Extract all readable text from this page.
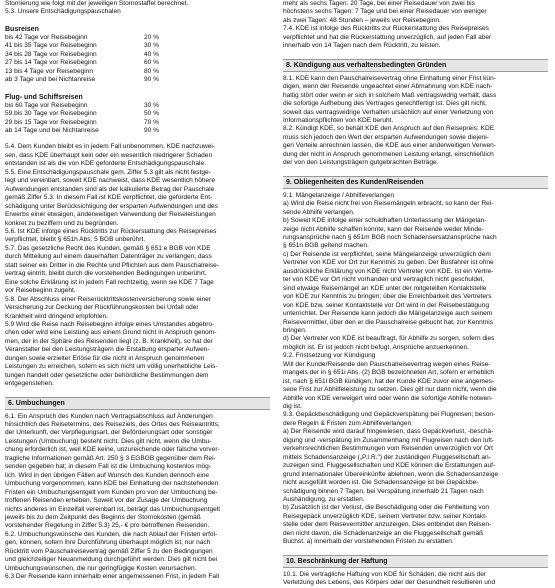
Stornierung wie folgt mit der jeweiligen Stornostaffel berechnet.
5.3. Unsere Entschädigungspauschalen

Busreisen

bis 42 Tage vor Reisebeginn	20 %
41 bis 35 Tage vor Reisebeginn	30 %
34 bis 28 Tage vor Reisebeginn	40 %
27 bis 14 Tage vor Reisebeginn	60 %
13 bis 4 Tage vor Reisebeginn	80 %
ab 3 Tage und bei Nichtanreise	90 %

Flug- und Schiffsreisen

bis 60 Tage vor Reisebeginn	30 %
59 bis 30 Tage vor Reisebeginn	50 %
29 bis 15 Tage vor Reisebeginn	70 %
ab 14 Tage und bei Nichtanreise	90 %

5.4. Dem Kunden bleibt es in jedem Fall unbenommen, KDE nachzuwei-
sen, dass KDE überhaupt kein oder ein wesentlich niedrigerer Schaden
entstanden ist als die von KDE geforderte Entschädigungspauschale.
5.5. Eine Entschädigungspauschale gem. Ziffer 5.3 gilt als nicht festge-
legt und vereinbart, soweit KDE nachweist, dass KDE wesentlich höhere
Aufwendungen entstanden sind als der kalkulierte Betrag der Pauschale
gemäß Ziffer 5.3. In diesem Fall ist KDE verpflichtet, die geforderte Ent-
schädigung unter Berücksichtigung der ersparten Aufwendungen und des
Erwerbs einer etwaigen, anderweitigen Verwendung der Reiseleistungen
konkret zu beziffern und zu begründen.
5.6. Ist KDE infolge eines Rücktritts zur Rückerstattung des Reisepreises
verpflichtet, bleibt § 651h Abs. 5 BGB unberührt.
5.7. Das gesetzliche Recht des Kunden, gemäß § 651 e BGB von KDE
durch Mitteilung auf einem dauerhaften Datenträger zu verlangen, dass
statt seiner ein Dritter in die Rechte und Pflichten aus dem Pauschalreise-
vertrag eintritt, bleibt durch die vorstehenden Bedingungen unberührt.
Eine solche Erklärung ist in jedem Fall rechtzeitig, wenn sie KDE 7 Tage
vor Reisebeginn zugeht.
5.8. Der Abschluss einer Reiserücktrittskostenversicherung sowie einer
Versicherung zur Deckung der Rückführungskosten bei Unfall oder
Krankheit wird dringend empfohlen.
5.9 Wird die Reise nach Reisebeginn infolge eines Umstandes abgebro-
chen oder wird eine Leistung aus einem Grund nicht in Anspruch genom-
men, der in der Sphäre des Reisenden liegt (z. B. Krankheit), so hat der
Veranstalter bei den Leistungsträgern die Erstattung ersparter Aufwen-
dungen sowie erzielter Erlöse für die nicht in Anspruch genommenen
Leistungen zu erreichen, sofern es sich nicht um völlig unerhebliche Leis-
tungen handelt oder gesetzliche oder behördliche Bestimmungen dem
entgegenstehen.

6. Umbuchungen

6.1. Ein Anspruch des Kunden nach Vertragsabschluss auf Änderungen
hinsichtlich des Reisetermins, des Reiseziels, des Ortes des Reiseantritts,
der Unterkunft, der Verpflegungsart, der Beförderungsart oder sonstiger
Leistungen (Umbuchung) besteht nicht. Dies gilt nicht, wenn die Umbu-
chung erforderlich ist, weil KDE keine, unzureichende oder falsche vorver-
tragliche Informationen gemäß Art. 250 § 3 EGBGB gegenüber dem Rei-
senden gegeben hat; in diesem Fall ist die Umbuchung kostenlos mög-
lich. Wird in den übrigen Fällen auf Wunsch des Kunden dennoch eine
Umbuchung vorgenommen, kann KDE bei Einhaltung der nachstehenden
Fristen ein Umbuchungsentgelt vom Kunden pro von der Umbuchung be-
troffenen Reisenden erheben. Soweit vor der Zusage der Umbuchung
nichts anderes im Einzelfall vereinbart ist, beträgt das Umbuchungsentgelt
jeweils bis zu dem Zeitpunkt des Beginns der Stornokosten (gemäß
vorstehender Regelung in Ziffer 5.3) 25,- € pro betroffenen Reisenden.
6.2. Umbuchungswünsche des Kunden, die nach Ablauf der Fristen erfol-
gen, können, sofern ihre Durchführung überhaupt möglich ist, nur nach
Rücktritt vom Pauschalreisevertrag gemäß Ziffer 5 zu den Bedingungen
und gleichzeitiger Neuanmeldung durchgeführt werden. Dies gilt nicht bei
Umbuchungswünschen, die nur geringfügige Kosten verursachen.
6.3 Der Reisende kann innerhalb einer angemessenen Frist, in jedem Fall

mehr als sechs Tagen: 20 Tage, bei einer Reisedauer von zwei bis
höchstens sechs Tagen: 7 Tage und bei einer Reisedauer von weniger
als zwei Tagen: 48 Stunden – jeweils vor Reisebeginn.
7.4. KDE ist infolge des Rücktritts zur Rückerstattung des Reisepreises
verpflichtet und hat die Rückerstattung unverzüglich, auf jeden Fall aber
innerhalb von 14 Tagen nach dem Rücktritt, zu leisten.

8. Kündigung aus verhaltensbedingten Gründen

8.1. KDE kann den Pauschalreisevertrag ohne Einhaltung einer Frist kün-
digen, wenn der Reisende ungeachtet einer Abmahnung von KDE nach-
haltig stört oder wenn er sich in solchem Maß vertragswidrig verhält, dass
die sofortige Aufhebung des Vertrages gerechtfertigt ist. Dies gilt nicht,
soweit das vertragswidrige Verhalten ursächlich auf einer Verletzung von
Informationspflichten von KDE beruht.
8.2. Kündigt KDE, so behält KDE den Anspruch auf den Reisepreis; KDE
muss sich jedoch den Wert der ersparten Aufwendungen sowie diejeni-
gen Vorteile anrechnen lassen, die KDE aus einer anderweitigen Verwen-
dung der nicht in Anspruch genommenen Leistung erlangt, einschließlich
der von den Leistungsträgern gutgebrachten Beträge.

9. Obliegenheiten des Kunden/Reisenden

9.1. Mängelanzeige / Abhilfeverlangen
a) Wird die Reise nicht frei von Reisemängeln erbracht, so kann der Rei-
sende Abhilfe verlangen.
b) Soweit KDE infolge einer schuldhaften Unterlassung der Mängelan-
zeige nicht Abhilfe schaffen konnte, kann der Reisende weder Minde-
rungsansprüche nach § 651m BGB noch Schadensersatzansprüche nach
§ 651n BGB geltend machen.
c) Der Reisende ist verpflichtet, seine Mängelanzeige unverzüglich dem
Vertreter von KDE vor Ort zur Kenntnis zu geben. Der Busfahrer ist ohne
ausdrückliche Erklärung von KDE nicht Vertreter von KDE. Ist ein Vertre-
ter von KDE vor Ort nicht vorhanden und vertraglich nicht geschuldet,
sind etwaige Reisemängel an KDE unter der mitgeteilten Kontaktstelle
von KDE zur Kenntnis zu bringen; über die Erreichbarkeit des Vertreters
von KDE bzw. seiner Kontaktstelle vor Ort wird in der Reisebestätigung
unterrichtet. Der Reisende kann jedoch die Mängelanzeige auch seinem
Reisevermittler, über den er die Pauschalreise gebucht hat, zur Kenntnis
bringen.
d) Der Vertreter von KDE ist beauftragt, für Abhilfe zu sorgen, sofern dies
möglich ist. Er ist jedoch nicht befugt, Ansprüche anzuerkennen.
9.2. Fristsetzung vor Kündigung
Will der Kunde/Reisende den Pauschalreisevertrag wegen eines Reise-
mangels der in § 651i Abs. (2) BGB bezeichneten Art, sofern er erheblich
ist, nach § 651l BGB kündigen, hat der Kunde KDE zuvor eine angemes-
sene Frist zur Abhilfeleistung zu setzen. Dies gilt nur dann nicht, wenn die
Abhilfe von KDE verweigert wird oder wenn die sofortige Abhilfe notwen-
dig ist.
9.3. Gepäckbeschädigung und Gepäckverspätung bei Flugreisen; beson-
dere Regeln & Fristen zum Abhilfeverlangen
a) Der Reisende wird darauf hingewiesen, dass Gepäckverlust, -beschä-
digung und -verspätung im Zusammenhang mit Flugreisen nach den luft-
verkehrsrechtlichen Bestimmungen vom Reisenden unverzüglich vor Ort
mittels Schadensanzeige („P.I.R.") der zuständigen Fluggesellschaft an-
zuzeigen sind. Fluggesellschaften und KDE können die Erstattungen auf-
grund internationaler Übereinkünfte ablehnen, wenn die Schadensanzeige
nicht ausgefüllt worden ist. Die Schadensanzeige ist bei Gepäckbe-
schädigung binnen 7 Tagen, bei Verspätung innerhalb 21 Tagen nach
Aushändigung, zu erstatten.
b) Zusätzlich ist der Verlust, die Beschädigung oder die Fehlleitung von
Reisegepäck unverzüglich KDE, seinem Vertreter bzw. seiner Kontakt-
stelle oder dem Reisevermittler anzuzeigen. Dies entbindet den Reisen-
den nicht davon, die Schadenanzeige an die Fluggesellschaft gemäß
Buchst. a) innerhalb der vorstehenden Fristen zu erstatten.

10. Beschränkung der Haftung

10.1. Die vertragliche Haftung von KDE für Schäden, die nicht aus der
Verletzung des Lebens, des Körpers oder der Gesundheit resultieren und
